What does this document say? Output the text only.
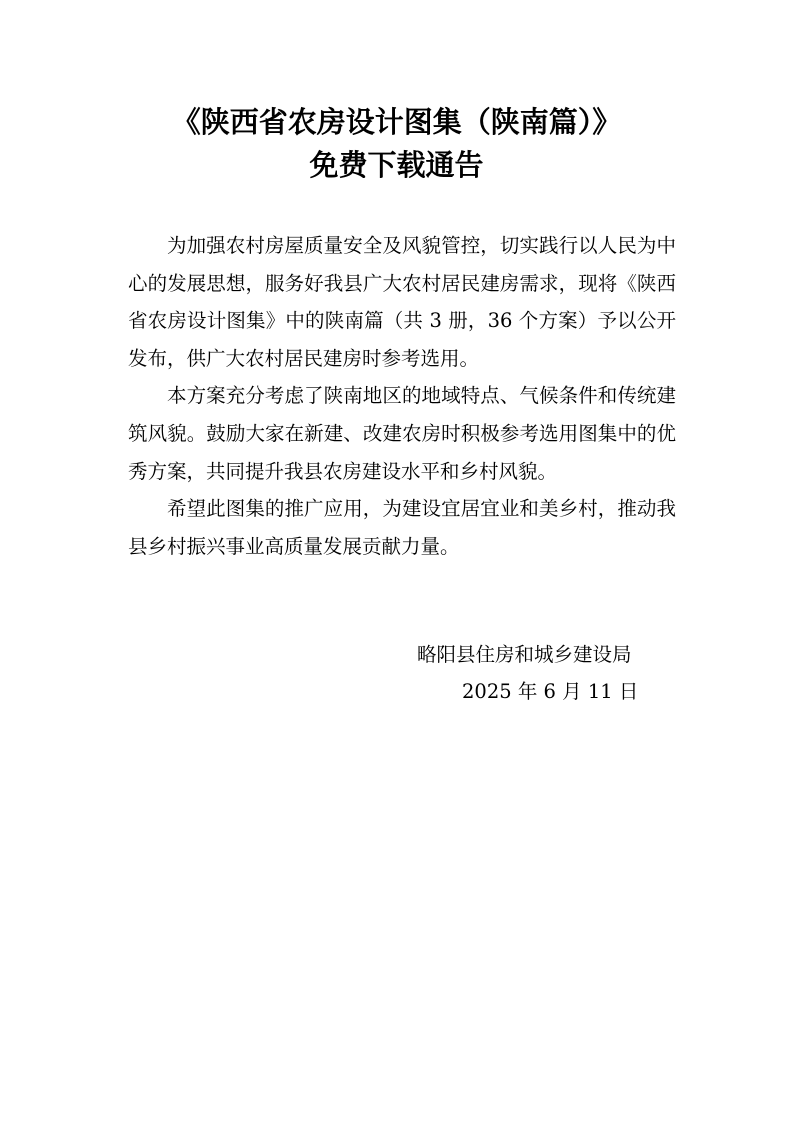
《陕西省农房设计图集（陕南篇）》
免费下载通告

为加强农村房屋质量安全及风貌管控，切实践行以人民为中心的发展思想，服务好我县广大农村居民建房需求，现将《陕西省农房设计图集》中的陕南篇（共 3 册，36 个方案）予以公开发布，供广大农村居民建房时参考选用。

本方案充分考虑了陕南地区的地域特点、气候条件和传统建筑风貌。鼓励大家在新建、改建农房时积极参考选用图集中的优秀方案，共同提升我县农房建设水平和乡村风貌。

希望此图集的推广应用，为建设宜居宜业和美乡村，推动我县乡村振兴事业高质量发展贡献力量。

略阳县住房和城乡建设局
2025 年 6 月 11 日
